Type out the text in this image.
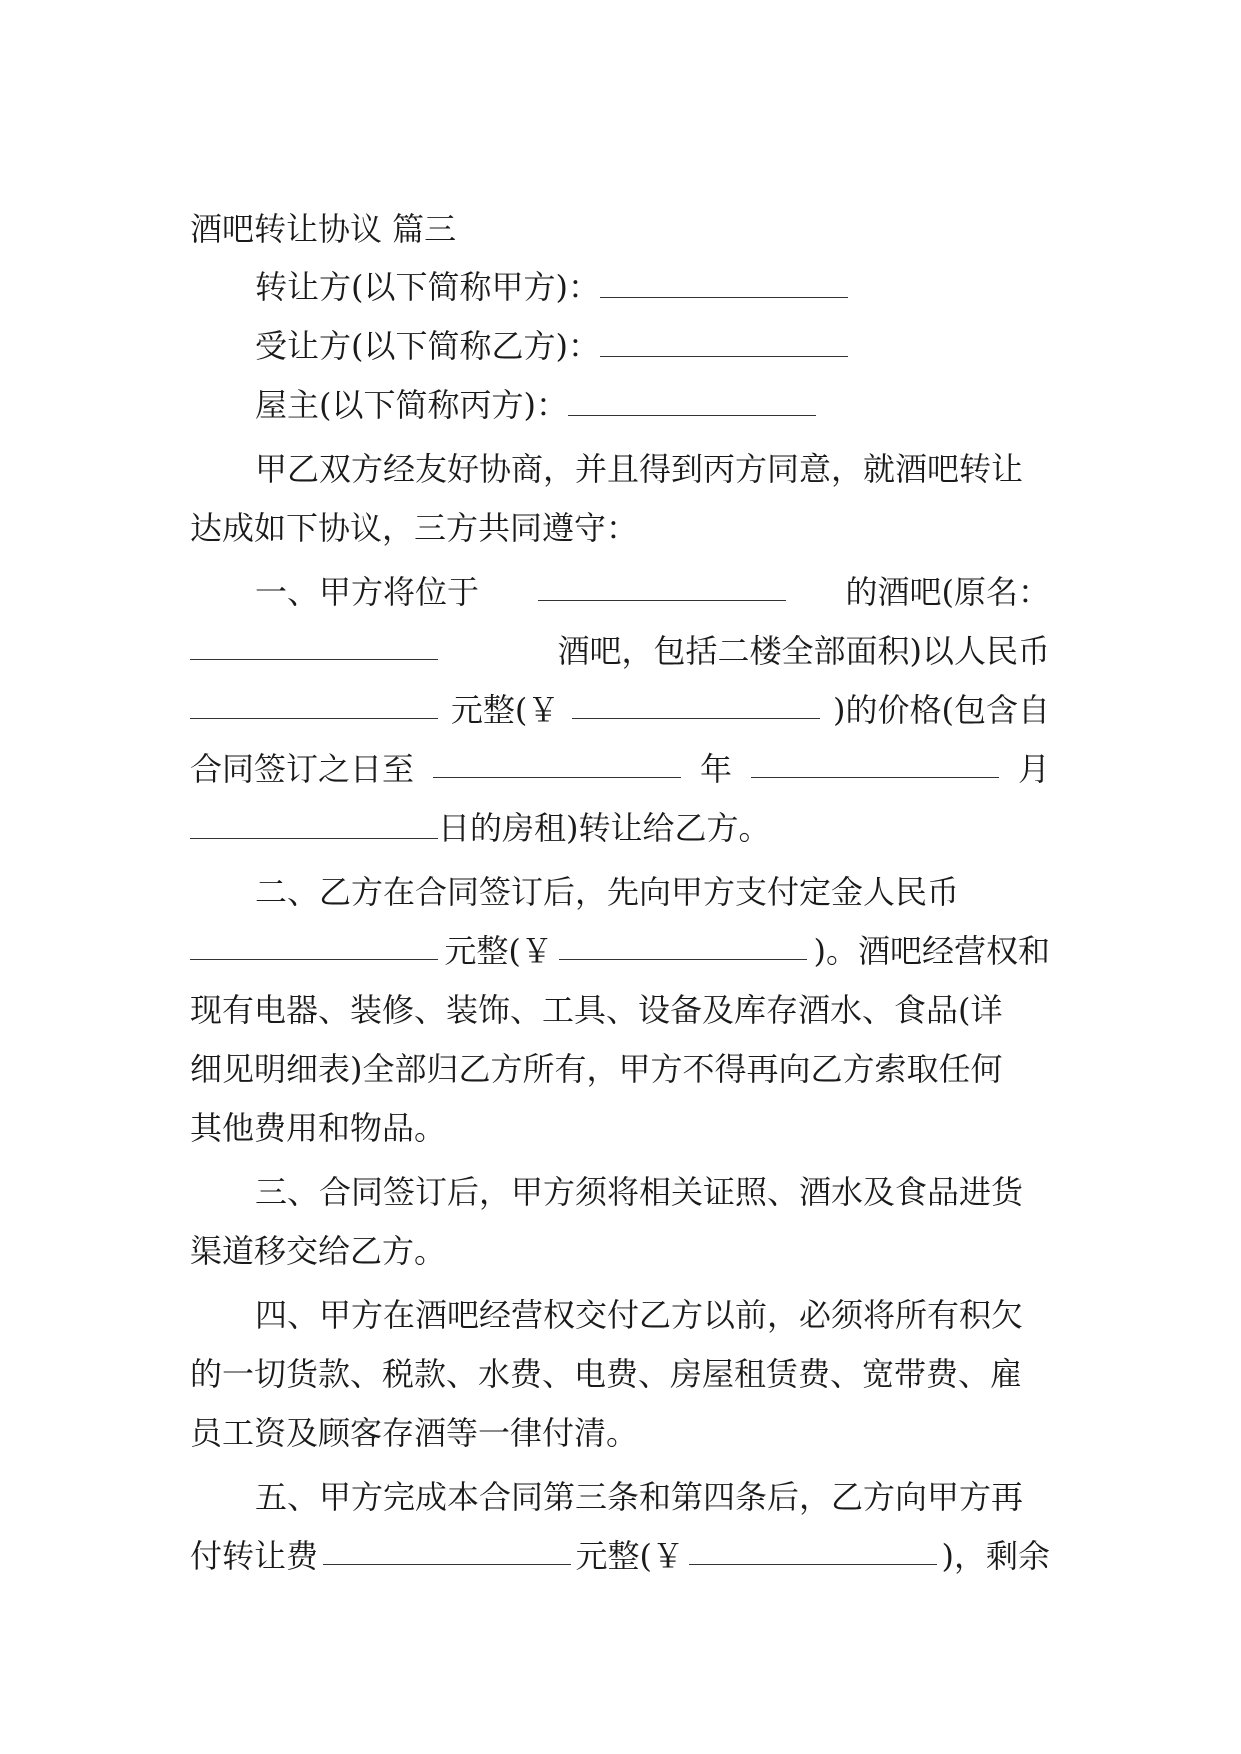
酒吧转让协议 篇三
转让方(以下简称甲方)：
受让方(以下简称乙方)：
屋主(以下简称丙方)：
甲乙双方经友好协商，并且得到丙方同意，就酒吧转让
达成如下协议，三方共同遵守：
一、甲方将位于	的酒吧(原名：
酒吧，包括二楼全部面积)以人民币
元整(￥	)的价格(包含自
合同签订之日至	年	月
日的房租)转让给乙方。
二、乙方在合同签订后，先向甲方支付定金人民币
元整(￥	)。酒吧经营权和
现有电器、装修、装饰、工具、设备及库存酒水、食品(详
细见明细表)全部归乙方所有，甲方不得再向乙方索取任何
其他费用和物品。
三、合同签订后，甲方须将相关证照、酒水及食品进货
渠道移交给乙方。
四、甲方在酒吧经营权交付乙方以前，必须将所有积欠
的一切货款、税款、水费、电费、房屋租赁费、宽带费、雇
员工资及顾客存酒等一律付清。
五、甲方完成本合同第三条和第四条后，乙方向甲方再
付转让费	元整(￥	)，剩余
